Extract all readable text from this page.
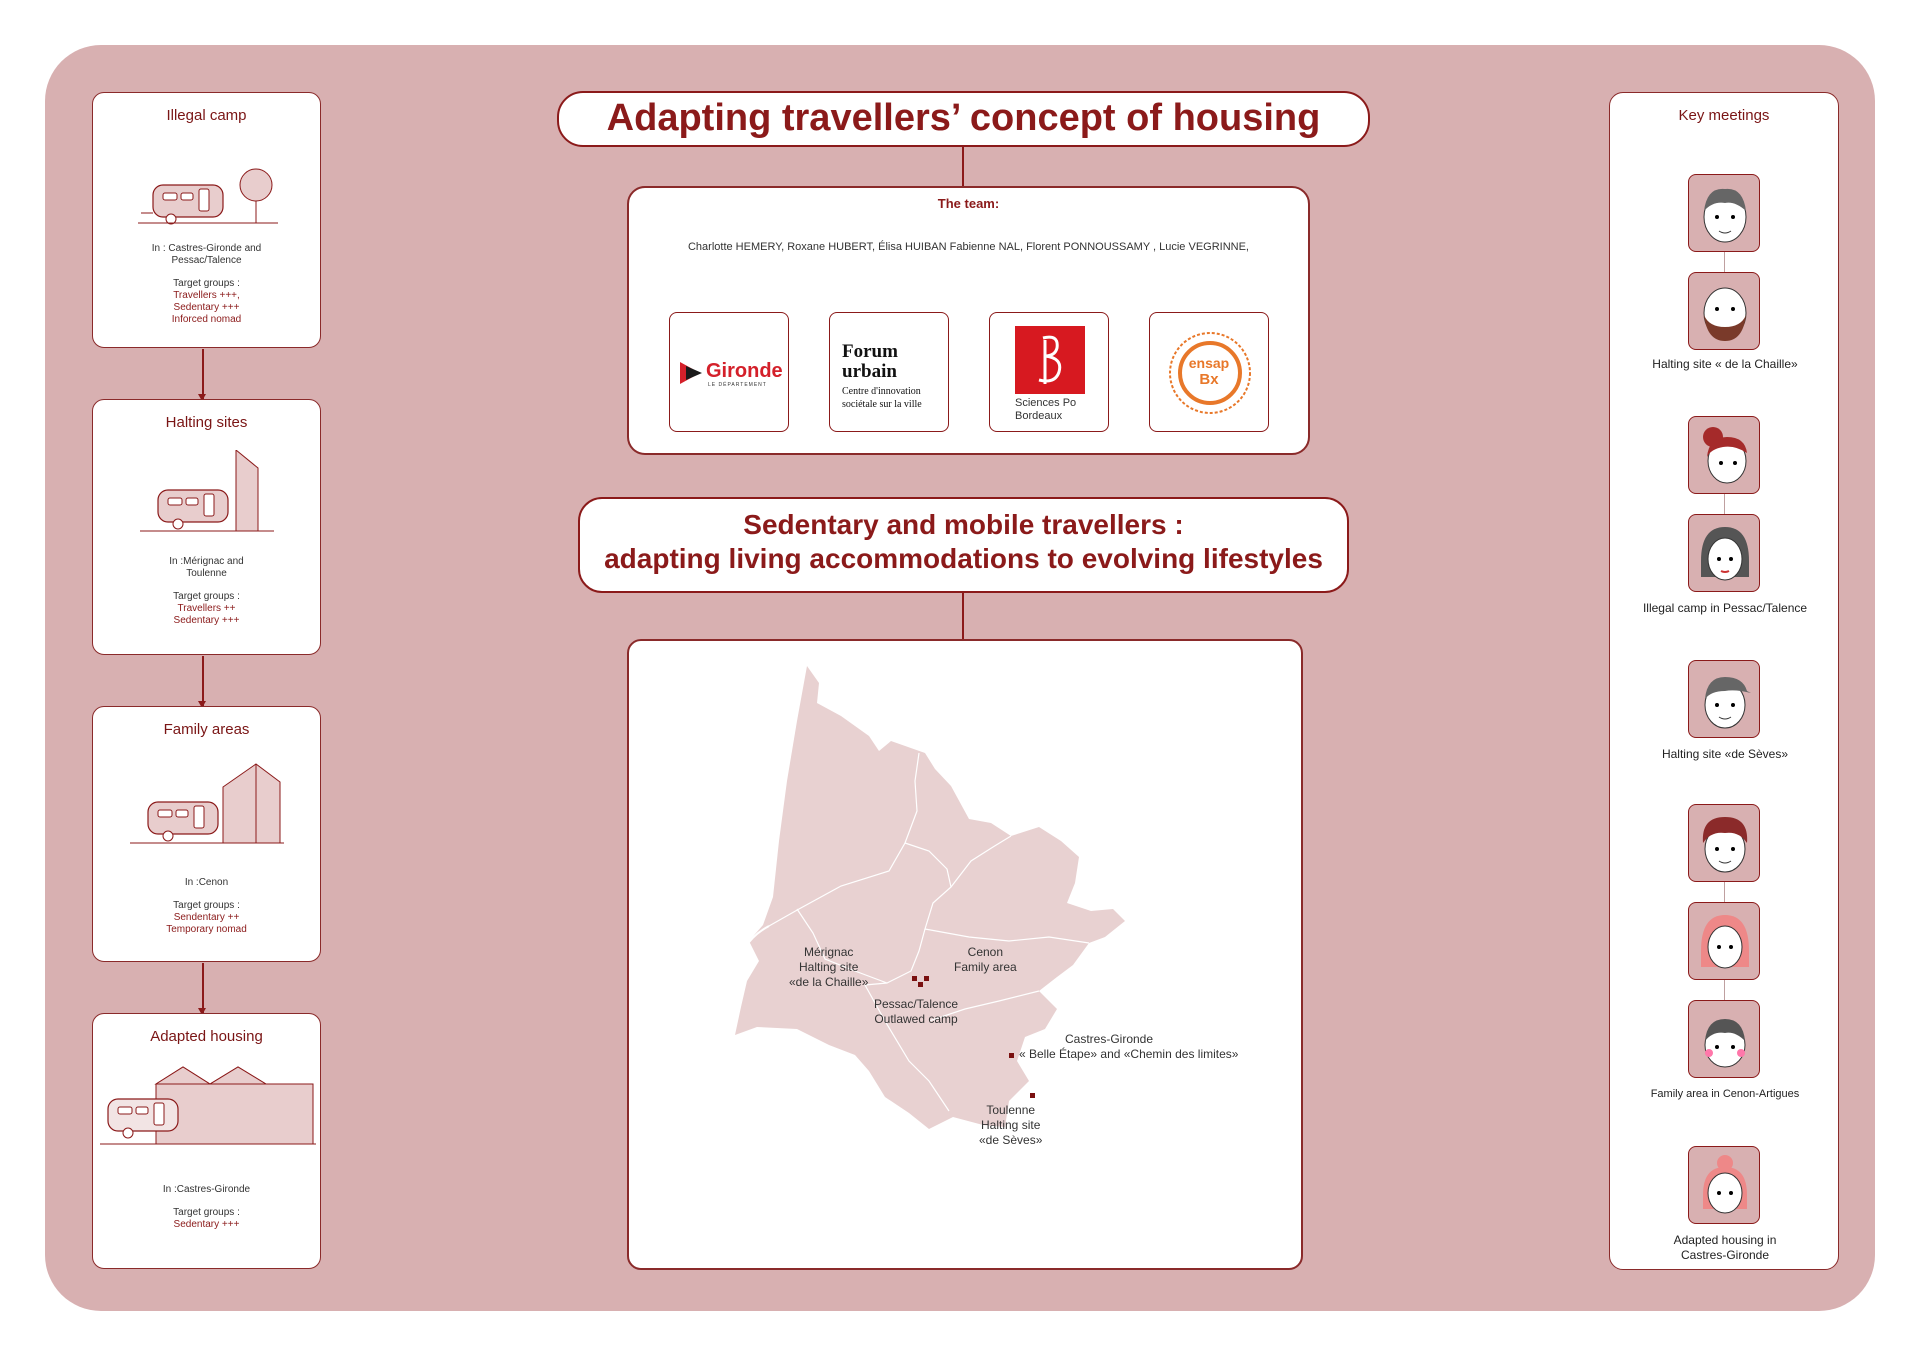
Illegal camp
In : Castres-Gironde and
Pessac/Talence
Target groups :
Travellers +++,
Sedentary +++
Inforced nomad
Halting sites
In :Mérignac and
Toulenne
Target groups :
Travellers ++
Sedentary +++
Family areas
In :Cenon
Target groups :
Sendentary ++
Temporary nomad
Adapted housing
In :Castres-Gironde
Target groups :
Sedentary +++
Adapting travellers’ concept of housing
The team:
Charlotte HEMERY, Roxane HUBERT, Élisa HUIBAN Fabienne NAL, Florent PONNOUSSAMY , Lucie VEGRINNE,
Gironde
LE DÉPARTEMENT
Forum
urbain
Centre d'innovation
sociétale sur la ville	Sciences Po
Bordeaux
ensap
Bx
Sedentary and mobile travellers :
adapting living accommodations to evolving lifestyles
Mérignac
Halting site
«de la Chaille»
Cenon
Family area
Pessac/Talence
Outlawed camp
Castres-Gironde
« Belle Étape» and «Chemin des limites»
Toulenne
Halting site
«de Sèves»
Key meetings
Halting site « de la Chaille»
Illegal camp in Pessac/Talence
Halting site «de Sèves»
Family area in Cenon-Artigues
Adapted housing in
Castres-Gironde
